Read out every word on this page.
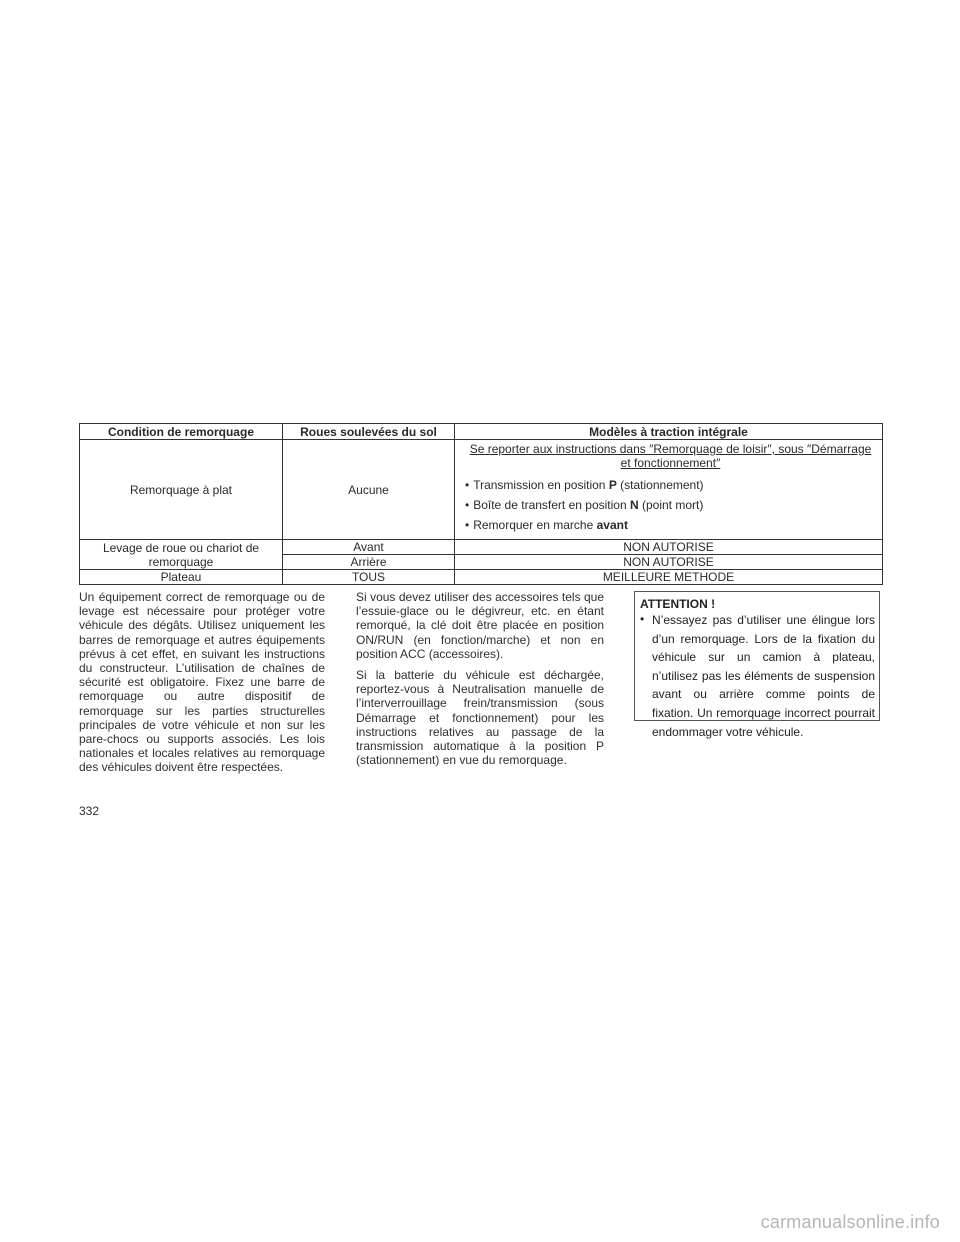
Condition de remorquage	Roues soulevées du sol	Modèles à traction intégrale
Remorquage à plat	Aucune	Se reporter aux instructions dans ″Remorquage de loisir″, sous ″Démarrage et fonctionnement″
• Transmission en position P (stationnement)
• Boîte de transfert en position N (point mort)
• Remorquer en marche avant

Levage de roue ou chariot de remorquage	Avant	NON AUTORISE
	Arrière	NON AUTORISE
Plateau	TOUS	MEILLEURE METHODE

Un équipement correct de remorquage ou de levage est nécessaire pour protéger votre véhicule des dégâts. Utilisez uniquement les barres de remorquage et autres équipements prévus à cet effet, en suivant les instructions du constructeur. L’utilisation de chaînes de sécurité est obligatoire. Fixez une barre de remorquage ou autre dispositif de remorquage sur les parties structurelles principales de votre véhicule et non sur les pare-chocs ou supports associés. Les lois nationales et locales relatives au remorquage des véhicules doivent être respectées.

Si vous devez utiliser des accessoires tels que l’essuie-glace ou le dégivreur, etc. en étant remorqué, la clé doit être placée en position ON/RUN (en fonction/marche) et non en position ACC (accessoires).

Si la batterie du véhicule est déchargée, reportez-vous à Neutralisation manuelle de l’interverrouillage frein/transmission (sous Démarrage et fonctionnement) pour les instructions relatives au passage de la transmission automatique à la position P (stationnement) en vue du remorquage.

ATTENTION !
• N’essayez pas d’utiliser une élingue lors d’un remorquage. Lors de la fixation du véhicule sur un camion à plateau, n’utilisez pas les éléments de suspension avant ou arrière comme points de fixation. Un remorquage incorrect pourrait endommager votre véhicule.
332
carmanualsonline.info
